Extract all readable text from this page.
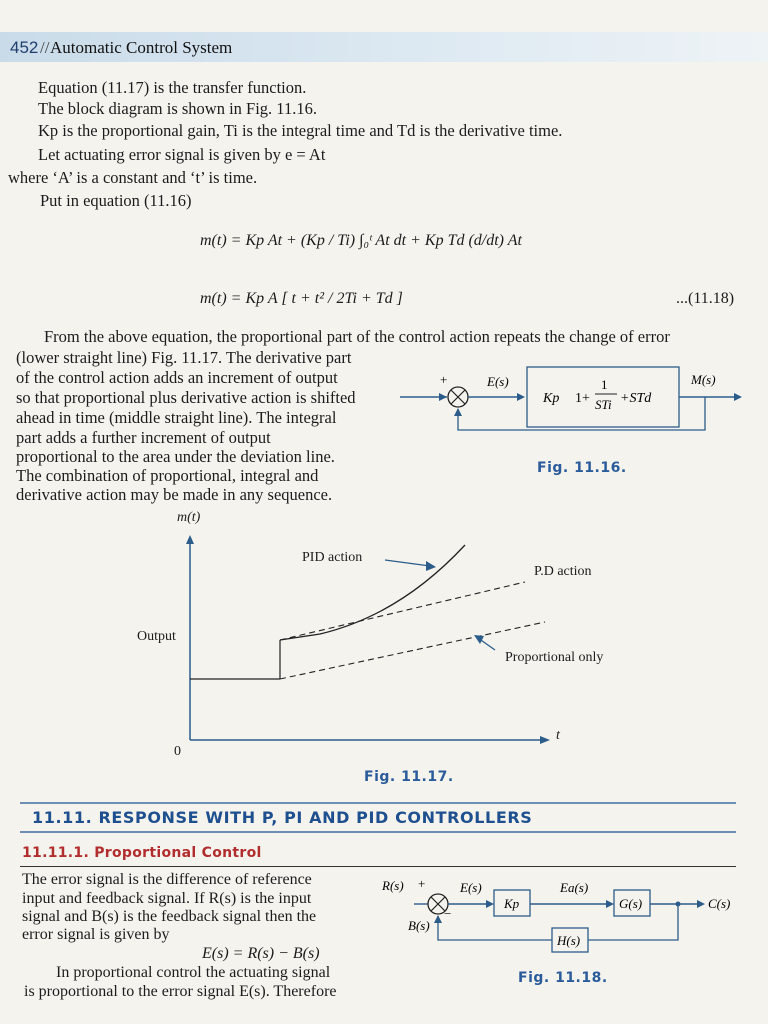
452 // Automatic Control System
Equation (11.17) is the transfer function.
The block diagram is shown in Fig. 11.16.
Kp is the proportional gain, Ti is the integral time and Td is the derivative time.
Let actuating error signal is given by e = At
where ‘A’ is a constant and ‘t’ is time.
Put in equation (11.16)
m(t) = Kp At + (Kp / Ti) ∫₀ᵗ At dt + Kp Td (d/dt) At
m(t) = Kp A [ t + t² / 2Ti + Td ]	...(11.18)
From the above equation, the proportional part of the control action repeats the change of error
(lower straight line) Fig. 11.17. The derivative part
of the control action adds an increment of output
so that proportional plus derivative action is shifted
ahead in time (middle straight line). The integral
part adds a further increment of output
proportional to the area under the deviation line.
The combination of proportional, integral and
derivative action may be made in any sequence.
+	E(s)
Kp 1+
1
STi +STd
M(s)
Fig. 11.16.
m(t)
PID action
P.D action
Output
Proportional only
0
t
Fig. 11.17.
11.11. RESPONSE WITH P, PI AND PID CONTROLLERS
11.11.1. Proportional Control
The error signal is the difference of reference
input and feedback signal. If R(s) is the input
signal and B(s) is the feedback signal then the
error signal is given by
E(s) = R(s) − B(s)
In proportional control the actuating signal
is proportional to the error signal E(s). Therefore
R(s) +
−
E(s)
Kp
Ea(s)
G(s)	C(s)
H(s)
B(s)
Fig. 11.18.
